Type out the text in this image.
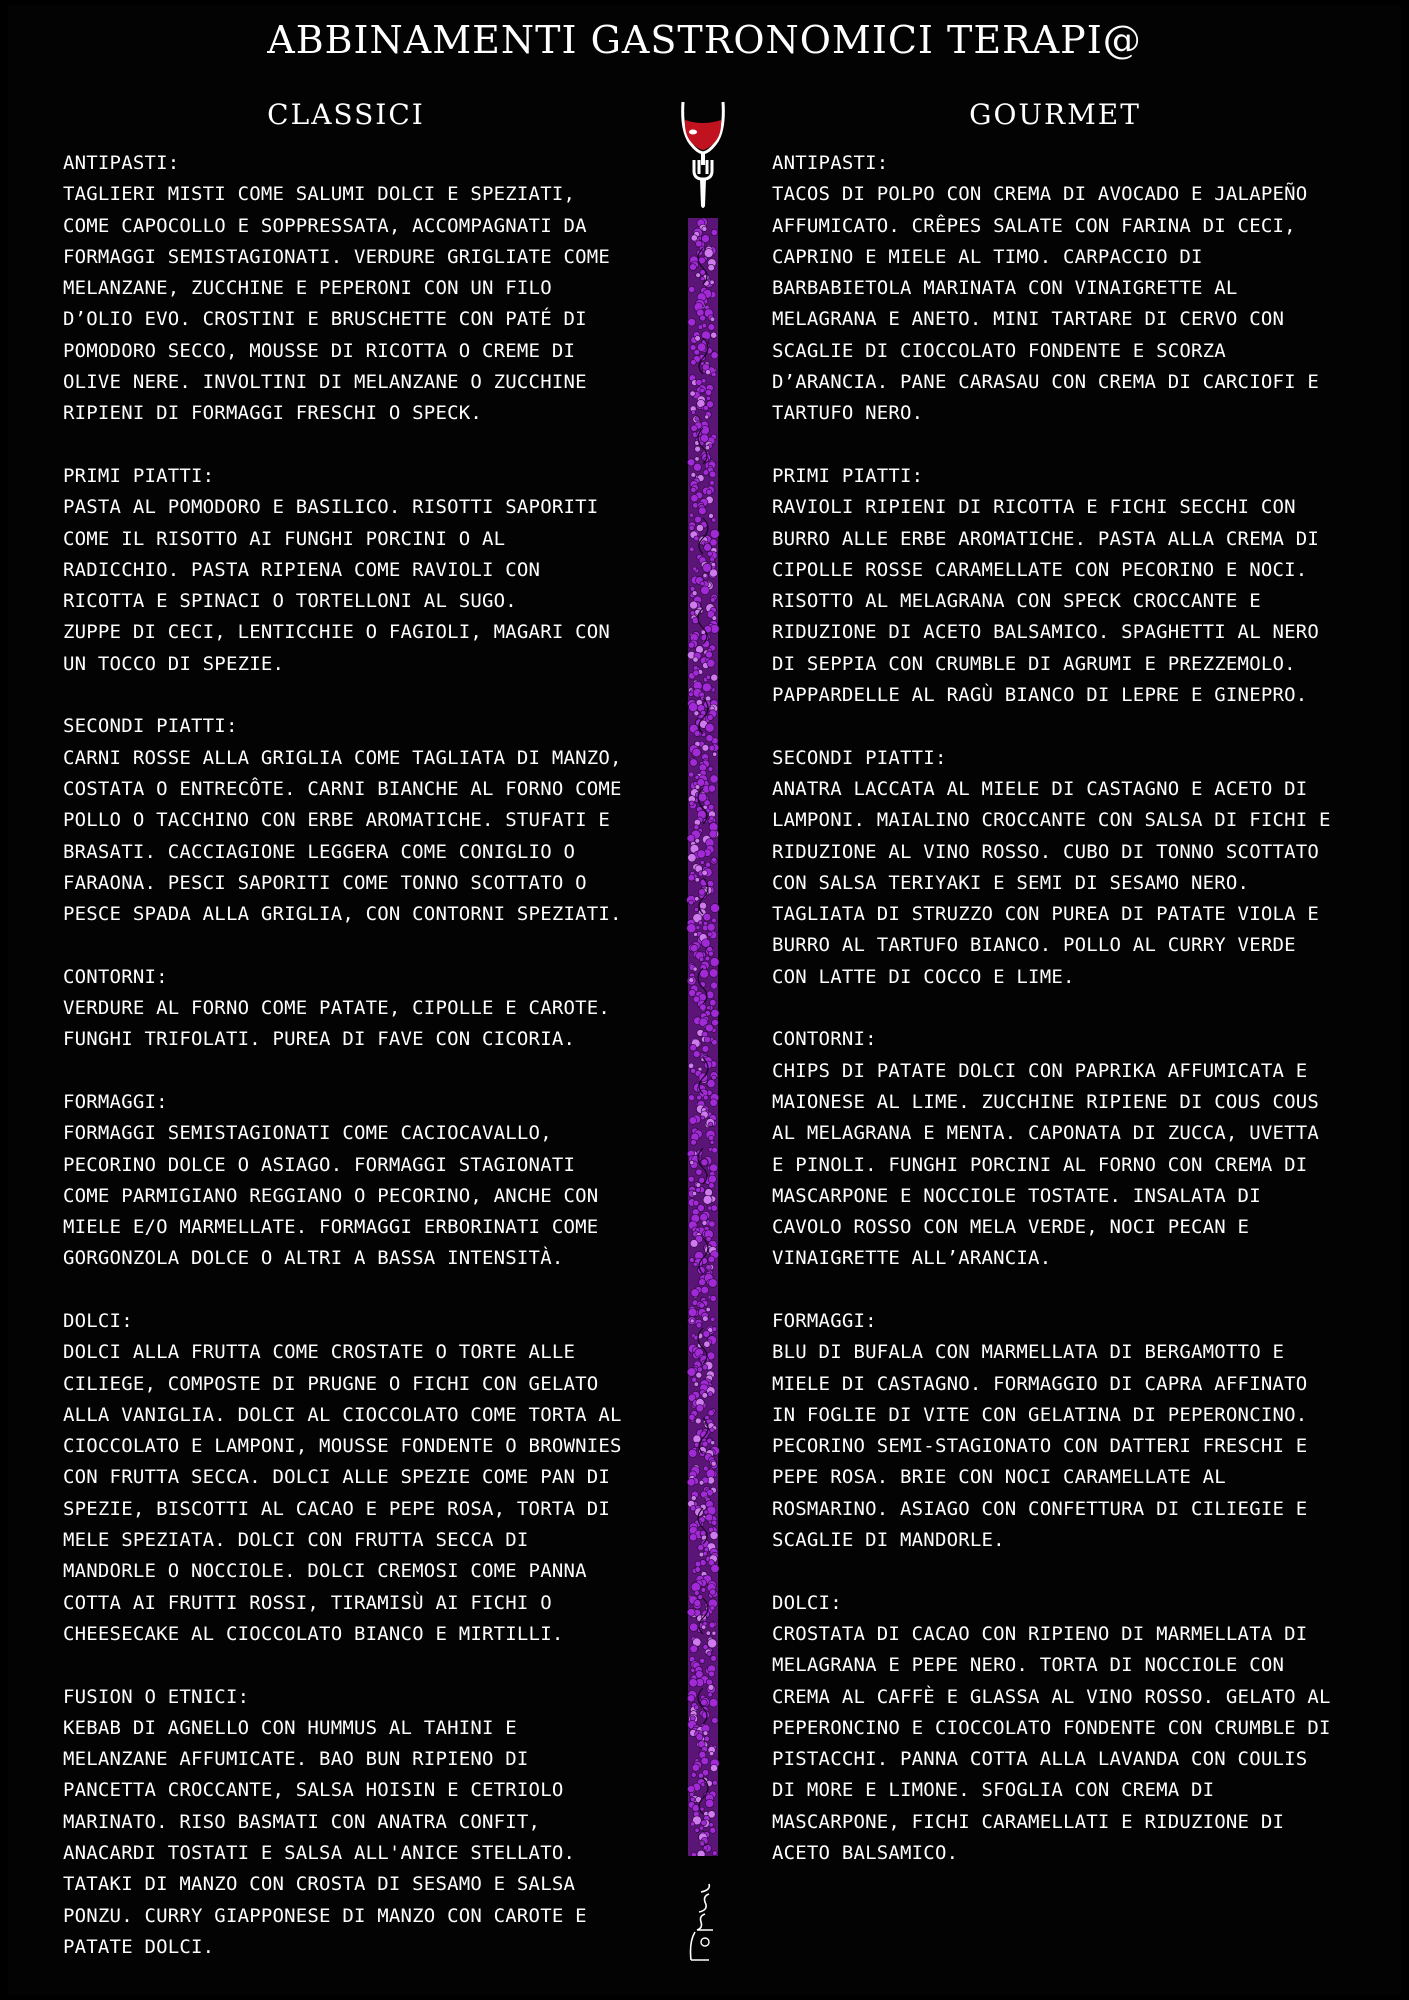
ABBINAMENTI GASTRONOMICI TERAPI@
CLASSICI	GOURMET
ANTIPASTI:
TAGLIERI MISTI COME SALUMI DOLCI E SPEZIATI,
COME CAPOCOLLO E SOPPRESSATA, ACCOMPAGNATI DA
FORMAGGI SEMISTAGIONATI. VERDURE GRIGLIATE COME
MELANZANE, ZUCCHINE E PEPERONI CON UN FILO
D’OLIO EVO. CROSTINI E BRUSCHETTE CON PATÉ DI
POMODORO SECCO, MOUSSE DI RICOTTA O CREME DI
OLIVE NERE. INVOLTINI DI MELANZANE O ZUCCHINE
RIPIENI DI FORMAGGI FRESCHI O SPECK.
PRIMI PIATTI:
PASTA AL POMODORO E BASILICO. RISOTTI SAPORITI
COME IL RISOTTO AI FUNGHI PORCINI O AL
RADICCHIO. PASTA RIPIENA COME RAVIOLI CON
RICOTTA E SPINACI O TORTELLONI AL SUGO.
ZUPPE DI CECI, LENTICCHIE O FAGIOLI, MAGARI CON
UN TOCCO DI SPEZIE.
SECONDI PIATTI:
CARNI ROSSE ALLA GRIGLIA COME TAGLIATA DI MANZO,
COSTATA O ENTRECÔTE. CARNI BIANCHE AL FORNO COME
POLLO O TACCHINO CON ERBE AROMATICHE. STUFATI E
BRASATI. CACCIAGIONE LEGGERA COME CONIGLIO O
FARAONA. PESCI SAPORITI COME TONNO SCOTTATO O
PESCE SPADA ALLA GRIGLIA, CON CONTORNI SPEZIATI.
CONTORNI:
VERDURE AL FORNO COME PATATE, CIPOLLE E CAROTE.
FUNGHI TRIFOLATI. PUREA DI FAVE CON CICORIA.
FORMAGGI:
FORMAGGI SEMISTAGIONATI COME CACIOCAVALLO,
PECORINO DOLCE O ASIAGO. FORMAGGI STAGIONATI
COME PARMIGIANO REGGIANO O PECORINO, ANCHE CON
MIELE E/O MARMELLATE. FORMAGGI ERBORINATI COME
GORGONZOLA DOLCE O ALTRI A BASSA INTENSITÀ.
DOLCI:
DOLCI ALLA FRUTTA COME CROSTATE O TORTE ALLE
CILIEGE, COMPOSTE DI PRUGNE O FICHI CON GELATO
ALLA VANIGLIA. DOLCI AL CIOCCOLATO COME TORTA AL
CIOCCOLATO E LAMPONI, MOUSSE FONDENTE O BROWNIES
CON FRUTTA SECCA. DOLCI ALLE SPEZIE COME PAN DI
SPEZIE, BISCOTTI AL CACAO E PEPE ROSA, TORTA DI
MELE SPEZIATA. DOLCI CON FRUTTA SECCA DI
MANDORLE O NOCCIOLE. DOLCI CREMOSI COME PANNA
COTTA AI FRUTTI ROSSI, TIRAMISÙ AI FICHI O
CHEESECAKE AL CIOCCOLATO BIANCO E MIRTILLI.
FUSION O ETNICI:
KEBAB DI AGNELLO CON HUMMUS AL TAHINI E
MELANZANE AFFUMICATE. BAO BUN RIPIENO DI
PANCETTA CROCCANTE, SALSA HOISIN E CETRIOLO
MARINATO. RISO BASMATI CON ANATRA CONFIT,
ANACARDI TOSTATI E SALSA ALL'ANICE STELLATO.
TATAKI DI MANZO CON CROSTA DI SESAMO E SALSA
PONZU. CURRY GIAPPONESE DI MANZO CON CAROTE E
PATATE DOLCI.
ANTIPASTI:
TACOS DI POLPO CON CREMA DI AVOCADO E JALAPEÑO
AFFUMICATO. CRÊPES SALATE CON FARINA DI CECI,
CAPRINO E MIELE AL TIMO. CARPACCIO DI
BARBABIETOLA MARINATA CON VINAIGRETTE AL
MELAGRANA E ANETO. MINI TARTARE DI CERVO CON
SCAGLIE DI CIOCCOLATO FONDENTE E SCORZA
D’ARANCIA. PANE CARASAU CON CREMA DI CARCIOFI E
TARTUFO NERO.
PRIMI PIATTI:
RAVIOLI RIPIENI DI RICOTTA E FICHI SECCHI CON
BURRO ALLE ERBE AROMATICHE. PASTA ALLA CREMA DI
CIPOLLE ROSSE CARAMELLATE CON PECORINO E NOCI.
RISOTTO AL MELAGRANA CON SPECK CROCCANTE E
RIDUZIONE DI ACETO BALSAMICO. SPAGHETTI AL NERO
DI SEPPIA CON CRUMBLE DI AGRUMI E PREZZEMOLO.
PAPPARDELLE AL RAGÙ BIANCO DI LEPRE E GINEPRO.
SECONDI PIATTI:
ANATRA LACCATA AL MIELE DI CASTAGNO E ACETO DI
LAMPONI. MAIALINO CROCCANTE CON SALSA DI FICHI E
RIDUZIONE AL VINO ROSSO. CUBO DI TONNO SCOTTATO
CON SALSA TERIYAKI E SEMI DI SESAMO NERO.
TAGLIATA DI STRUZZO CON PUREA DI PATATE VIOLA E
BURRO AL TARTUFO BIANCO. POLLO AL CURRY VERDE
CON LATTE DI COCCO E LIME.
CONTORNI:
CHIPS DI PATATE DOLCI CON PAPRIKA AFFUMICATA E
MAIONESE AL LIME. ZUCCHINE RIPIENE DI COUS COUS
AL MELAGRANA E MENTA. CAPONATA DI ZUCCA, UVETTA
E PINOLI. FUNGHI PORCINI AL FORNO CON CREMA DI
MASCARPONE E NOCCIOLE TOSTATE. INSALATA DI
CAVOLO ROSSO CON MELA VERDE, NOCI PECAN E
VINAIGRETTE ALL’ARANCIA.
FORMAGGI:
BLU DI BUFALA CON MARMELLATA DI BERGAMOTTO E
MIELE DI CASTAGNO. FORMAGGIO DI CAPRA AFFINATO
IN FOGLIE DI VITE CON GELATINA DI PEPERONCINO.
PECORINO SEMI-STAGIONATO CON DATTERI FRESCHI E
PEPE ROSA. BRIE CON NOCI CARAMELLATE AL
ROSMARINO. ASIAGO CON CONFETTURA DI CILIEGIE E
SCAGLIE DI MANDORLE.
DOLCI:
CROSTATA DI CACAO CON RIPIENO DI MARMELLATA DI
MELAGRANA E PEPE NERO. TORTA DI NOCCIOLE CON
CREMA AL CAFFÈ E GLASSA AL VINO ROSSO. GELATO AL
PEPERONCINO E CIOCCOLATO FONDENTE CON CRUMBLE DI
PISTACCHI. PANNA COTTA ALLA LAVANDA CON COULIS
DI MORE E LIMONE. SFOGLIA CON CREMA DI
MASCARPONE, FICHI CARAMELLATI E RIDUZIONE DI
ACETO BALSAMICO.
